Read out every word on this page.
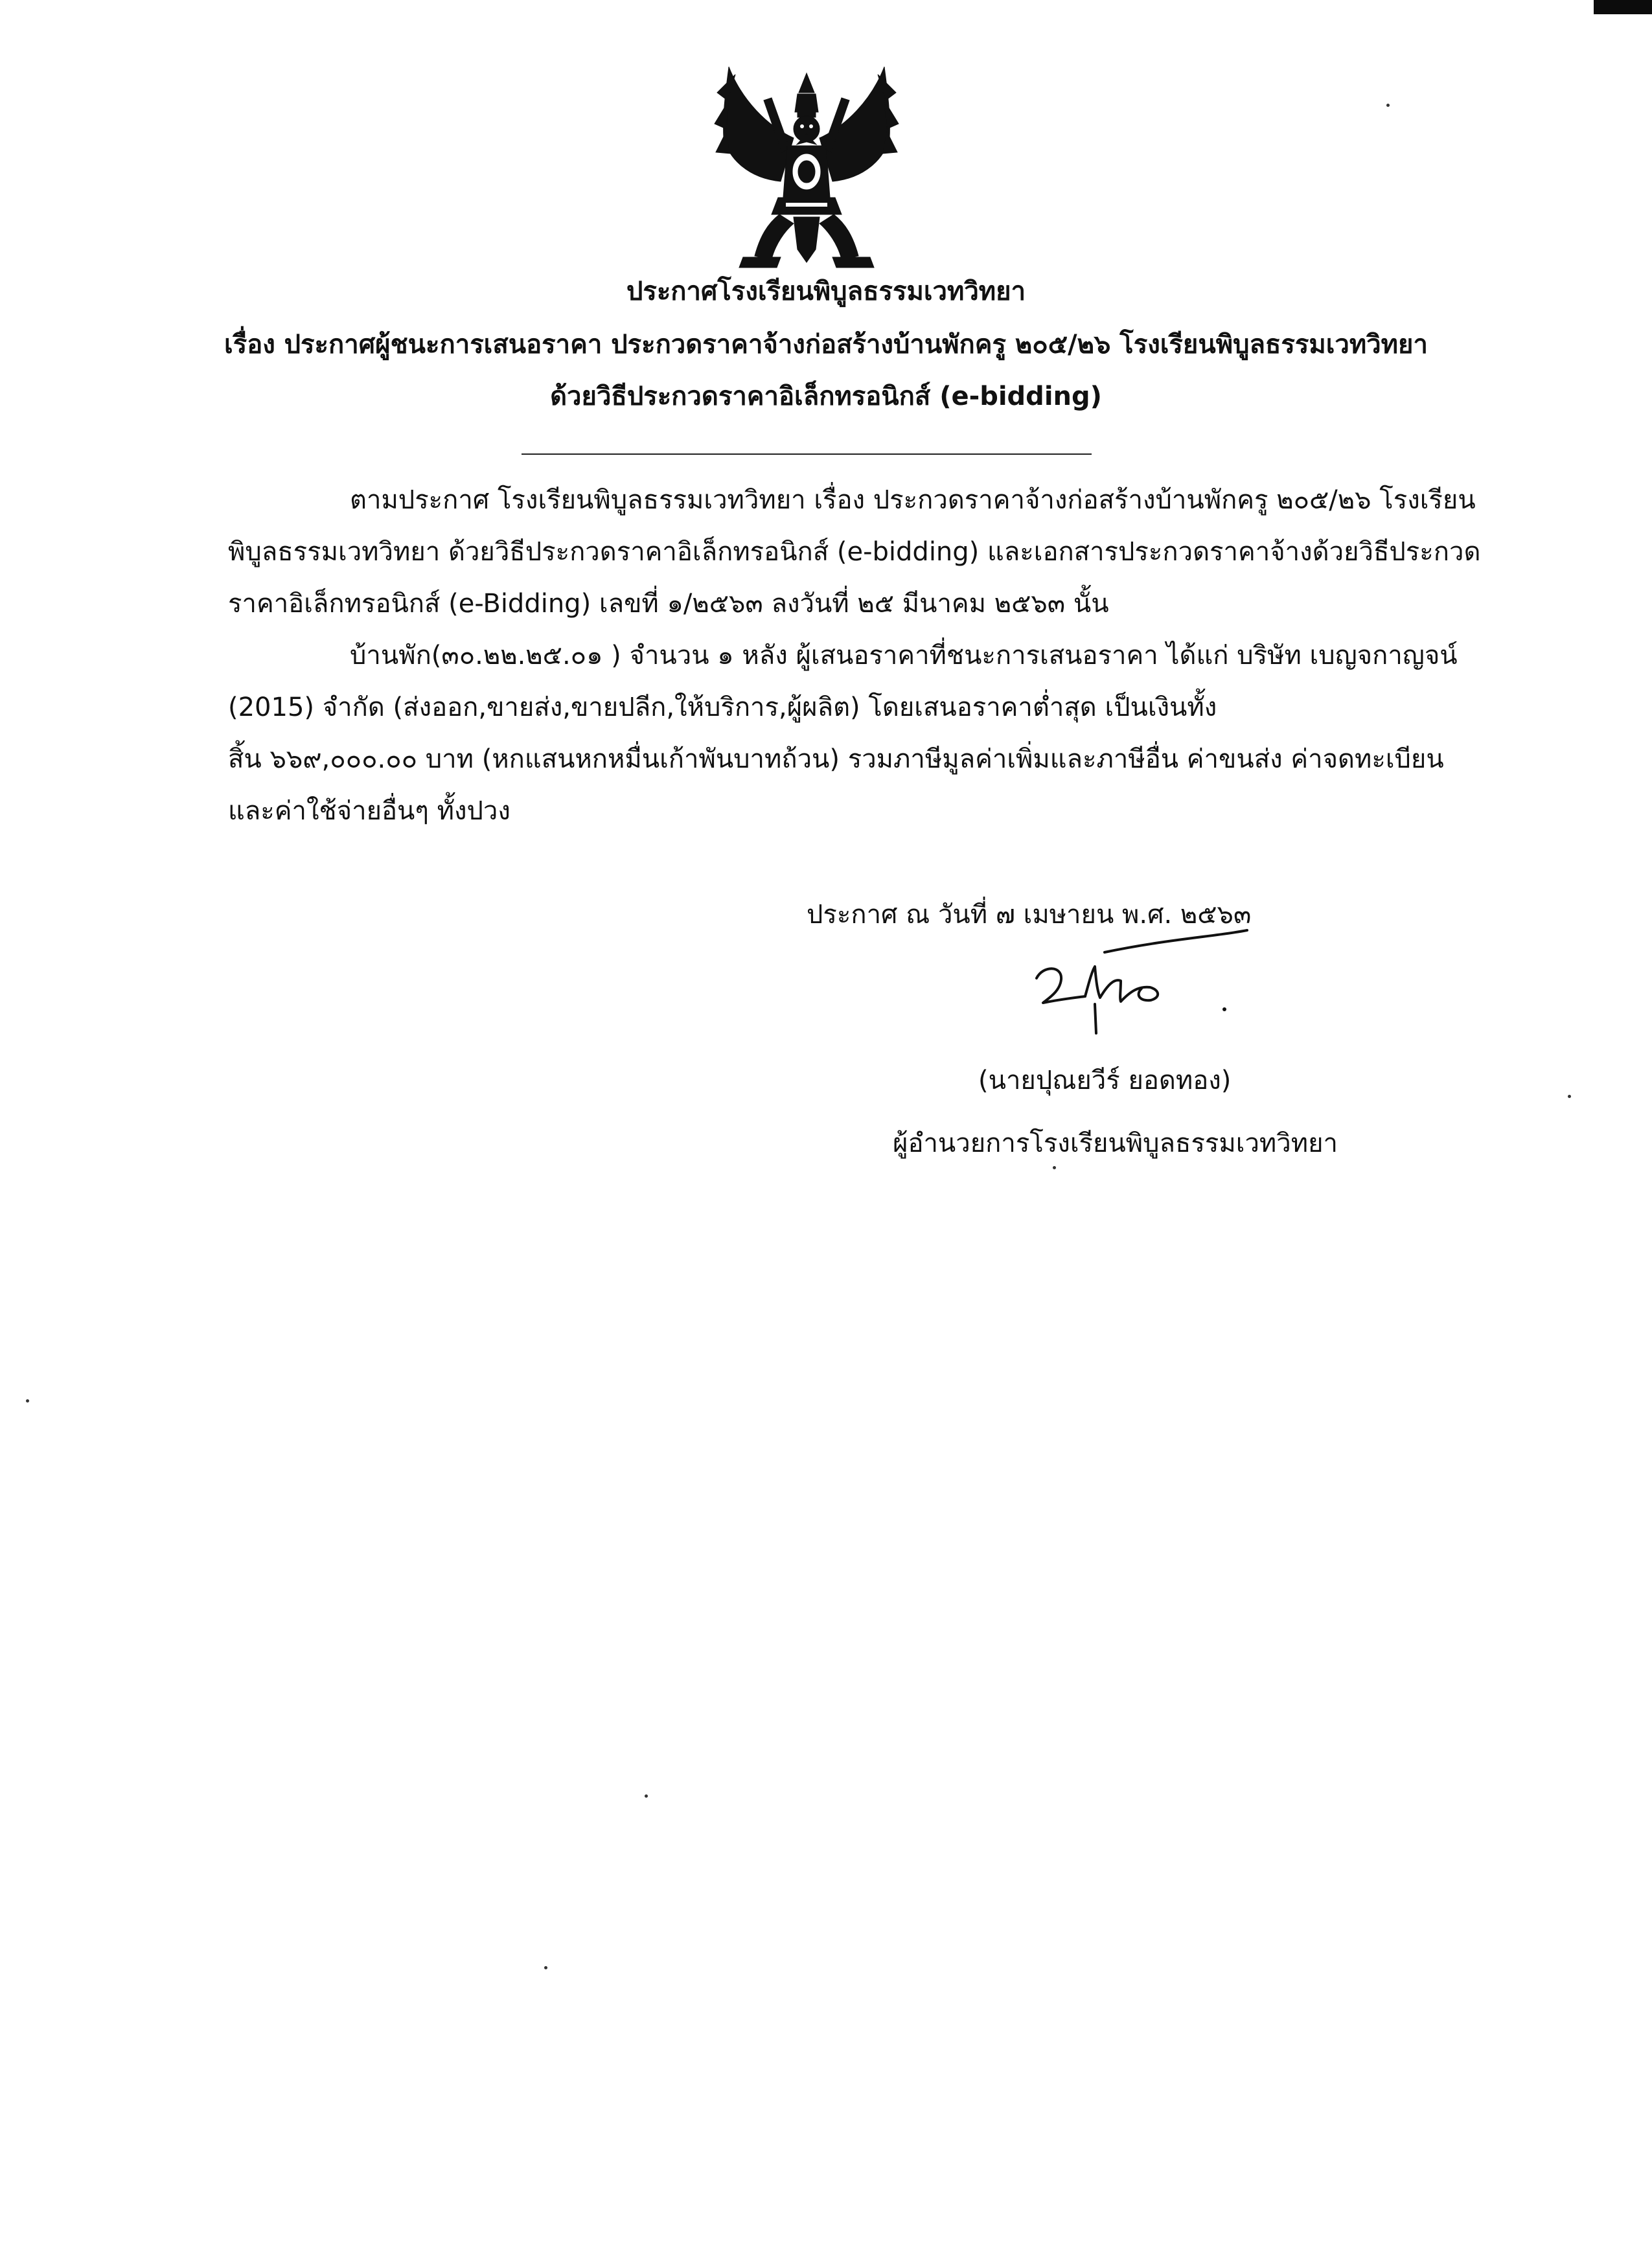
ประกาศโรงเรียนพิบูลธรรมเวทวิทยา
เรื่อง ประกาศผู้ชนะการเสนอราคา ประกวดราคาจ้างก่อสร้างบ้านพักครู ๒๐๕/๒๖ โรงเรียนพิบูลธรรมเวทวิทยา
ด้วยวิธีประกวดราคาอิเล็กทรอนิกส์ (e-bidding)
ตามประกาศ โรงเรียนพิบูลธรรมเวทวิทยา เรื่อง ประกวดราคาจ้างก่อสร้างบ้านพักครู ๒๐๕/๒๖ โรงเรียน
พิบูลธรรมเวทวิทยา ด้วยวิธีประกวดราคาอิเล็กทรอนิกส์ (e-bidding) และเอกสารประกวดราคาจ้างด้วยวิธีประกวด
ราคาอิเล็กทรอนิกส์ (e-Bidding) เลขที่ ๑/๒๕๖๓ ลงวันที่ ๒๕ มีนาคม ๒๕๖๓ นั้น
บ้านพัก(๓๐.๒๒.๒๕.๐๑ ) จำนวน ๑ หลัง ผู้เสนอราคาที่ชนะการเสนอราคา ได้แก่ บริษัท เบญจกาญจน์
(2015) จำกัด (ส่งออก,ขายส่ง,ขายปลีก,ให้บริการ,ผู้ผลิต) โดยเสนอราคาต่ำสุด เป็นเงินทั้ง
สิ้น ๖๖๙,๐๐๐.๐๐ บาท (หกแสนหกหมื่นเก้าพันบาทถ้วน) รวมภาษีมูลค่าเพิ่มและภาษีอื่น ค่าขนส่ง ค่าจดทะเบียน
และค่าใช้จ่ายอื่นๆ ทั้งปวง
ประกาศ ณ วันที่ ๗ เมษายน พ.ศ. ๒๕๖๓
(นายปุณยวีร์ ยอดทอง)
ผู้อำนวยการโรงเรียนพิบูลธรรมเวทวิทยา
